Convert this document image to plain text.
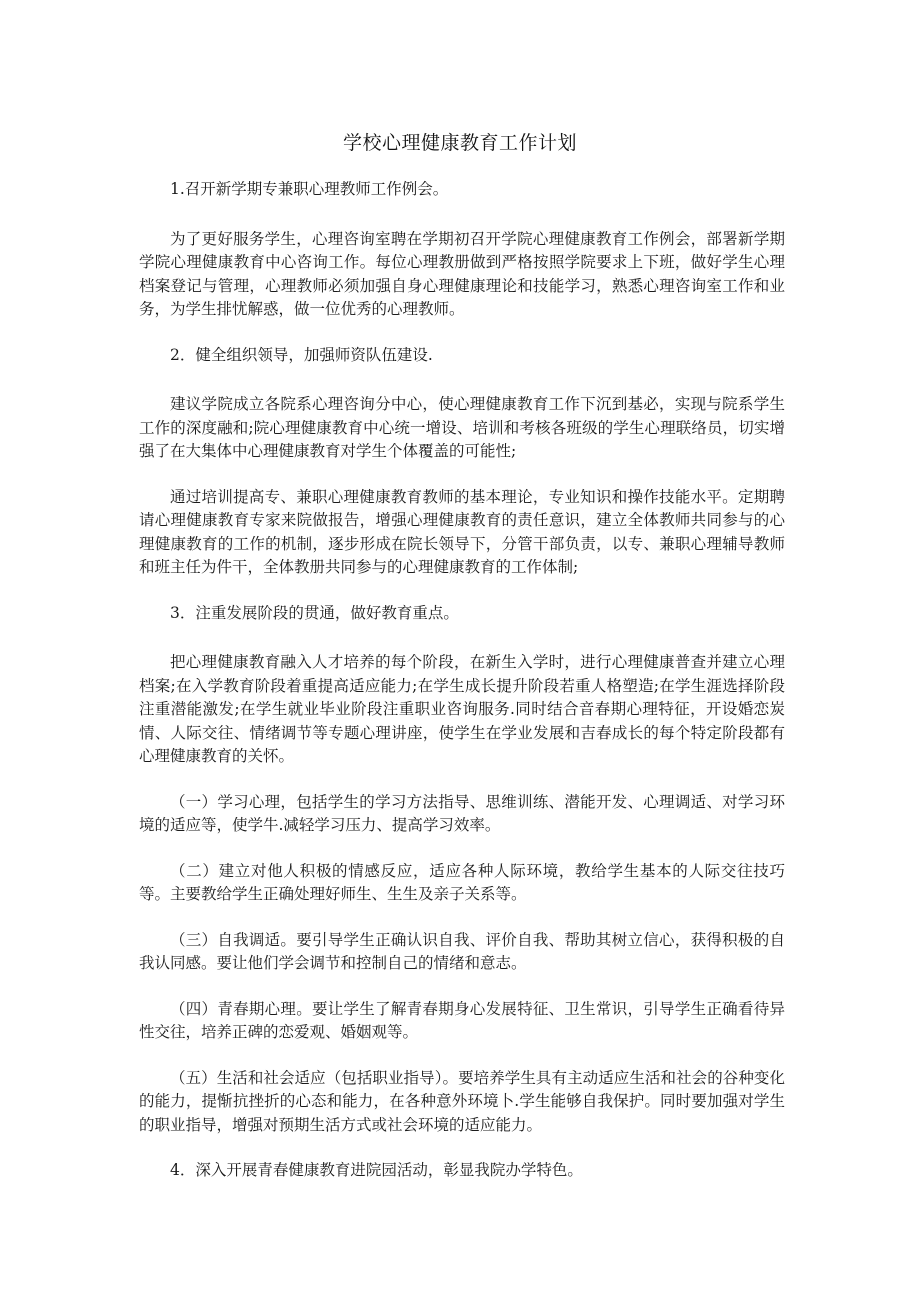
学校心理健康教育工作计划

1.召开新学期专兼职心理教师工作例会。

为了更好服务学生，心理咨询室聘在学期初召开学院心理健康教育工作例会，部署新学期学院心理健康教育中心咨询工作。每位心理教册做到严格按照学院要求上下班，做好学生心理档案登记与管理，心理教师必须加强自身心理健康理论和技能学习，熟悉心理咨询室工作和业务，为学生排忧解惑，做一位优秀的心理教师。

2．健全组织领导，加强师资队伍建设.

建议学院成立各院系心理咨询分中心，使心理健康教育工作下沉到基必，实现与院系学生工作的深度融和;院心理健康教育中心统一增设、培训和考核各班级的学生心理联络员，切实增强了在大集体中心理健康教育对学生个体覆盖的可能性;

通过培训提高专、兼职心理健康教育教师的基本理论，专业知识和操作技能水平。定期聘请心理健康教育专家来院做报告，增强心理健康教育的责任意识，建立全体教师共同参与的心理健康教育的工作的机制，逐步形成在院长领导下，分管干部负责，以专、兼职心理辅导教师和班主任为件干，全体教册共同参与的心理健康教育的工作体制;

3．注重发展阶段的贯通，做好教育重点。

把心理健康教育融入人才培养的每个阶段，在新生入学时，进行心理健康普查并建立心理档案;在入学教育阶段着重提高适应能力;在学生成长提升阶段若重人格塑造;在学生涯选择阶段注重潜能激发;在学生就业毕业阶段注重职业咨询服务.同时结合音春期心理特征，开设婚恋炭情、人际交往、情绪调节等专题心理讲座，使学生在学业发展和吉春成长的每个特定阶段都有心理健康教育的关怀。

（一）学习心理，包括学生的学习方法指导、思维训练、潜能开发、心理调适、对学习环境的适应等，使学牛.减轻学习压力、提高学习效率。

（二）建立对他人积极的情感反应，适应各种人际环境，教给学生基本的人际交往技巧等。主要教给学生正确处理好师生、生生及亲子关系等。

（三）自我调适。要引导学生正确认识自我、评价自我、帮助其树立信心，获得积极的自我认同感。要让他们学会调节和控制自己的情绪和意志。

（四）青春期心理。要让学生了解青春期身心发展特征、卫生常识，引导学生正确看待异性交往，培养正碑的恋爱观、婚姻观等。

（五）生活和社会适应（包括职业指导）。要培养学生具有主动适应生活和社会的谷种变化的能力，提惭抗挫折的心态和能力，在各种意外环境卜.学生能够自我保护。同时要加强对学生的职业指导，增强对预期生活方式或社会环境的适应能力。

4．深入开展青春健康教育进院园活动，彰显我院办学特色。
